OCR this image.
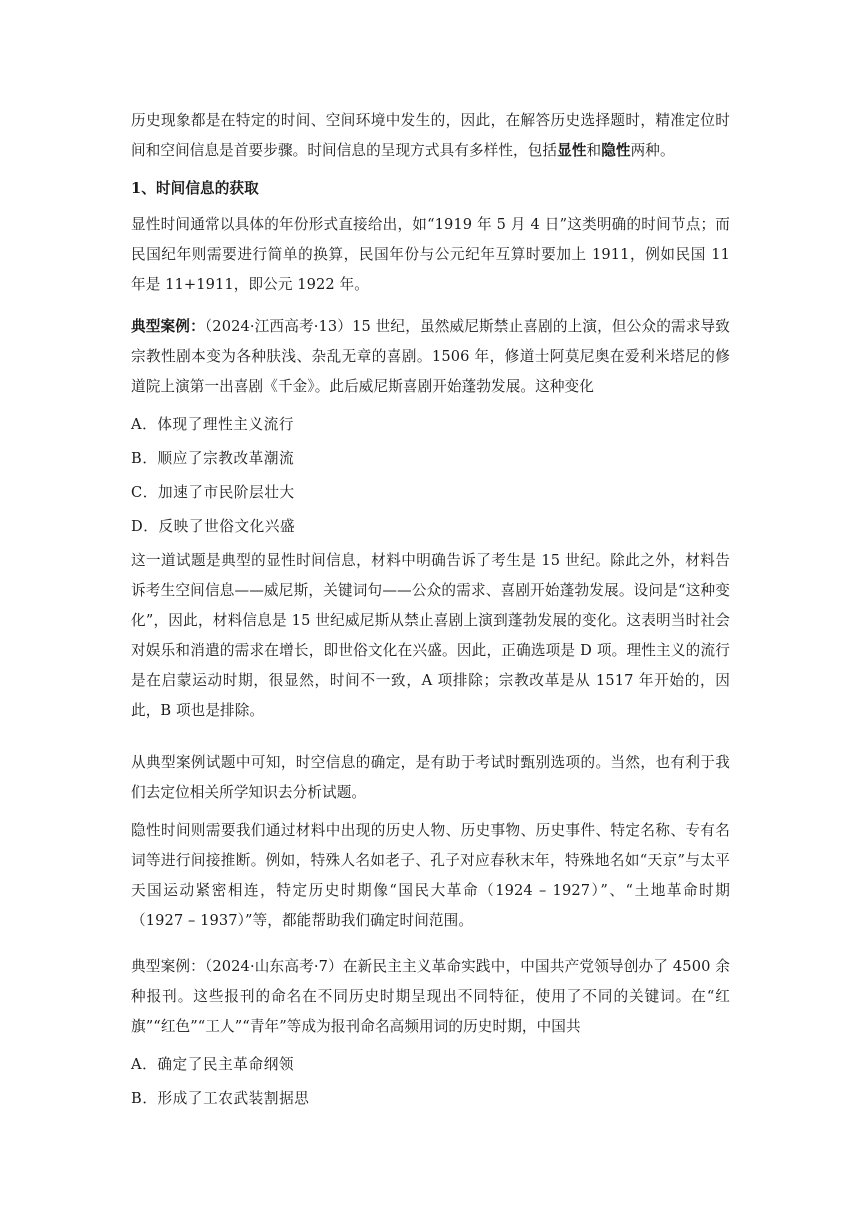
历史现象都是在特定的时间、空间环境中发生的，因此，在解答历史选择题时，精准定位时间和空间信息是首要步骤。时间信息的呈现方式具有多样性，包括显性和隐性两种。

1、时间信息的获取

显性时间通常以具体的年份形式直接给出，如“1919 年 5 月 4 日”这类明确的时间节点；而民国纪年则需要进行简单的换算，民国年份与公元纪年互算时要加上 1911，例如民国 11 年是 11+1911，即公元 1922 年。

典型案例：（2024·江西高考·13）15 世纪，虽然威尼斯禁止喜剧的上演，但公众的需求导致宗教性剧本变为各种肤浅、杂乱无章的喜剧。1506 年，修道士阿莫尼奥在爱利米塔尼的修道院上演第一出喜剧《千金》。此后威尼斯喜剧开始蓬勃发展。这种变化

A．体现了理性主义流行

B．顺应了宗教改革潮流

C．加速了市民阶层壮大

D．反映了世俗文化兴盛

这一道试题是典型的显性时间信息，材料中明确告诉了考生是 15 世纪。除此之外，材料告诉考生空间信息——威尼斯，关键词句——公众的需求、喜剧开始蓬勃发展。设问是“这种变化”，因此，材料信息是 15 世纪威尼斯从禁止喜剧上演到蓬勃发展的变化。这表明当时社会对娱乐和消遣的需求在增长，即世俗文化在兴盛。因此，正确选项是 D 项。理性主义的流行是在启蒙运动时期，很显然，时间不一致，A 项排除；宗教改革是从 1517 年开始的，因此，B 项也是排除。

从典型案例试题中可知，时空信息的确定，是有助于考试时甄别选项的。当然，也有利于我们去定位相关所学知识去分析试题。

隐性时间则需要我们通过材料中出现的历史人物、历史事物、历史事件、特定名称、专有名词等进行间接推断。例如，特殊人名如老子、孔子对应春秋末年，特殊地名如“天京”与太平天国运动紧密相连，特定历史时期像“国民大革命（1924 – 1927）”、“土地革命时期（1927 – 1937）”等，都能帮助我们确定时间范围。

典型案例：（2024·山东高考·7）在新民主主义革命实践中，中国共产党领导创办了 4500 余种报刊。这些报刊的命名在不同历史时期呈现出不同特征，使用了不同的关键词。在“红旗”“红色”“工人”“青年”等成为报刊命名高频用词的历史时期，中国共

A．确定了民主革命纲领

B．形成了工农武装割据思
